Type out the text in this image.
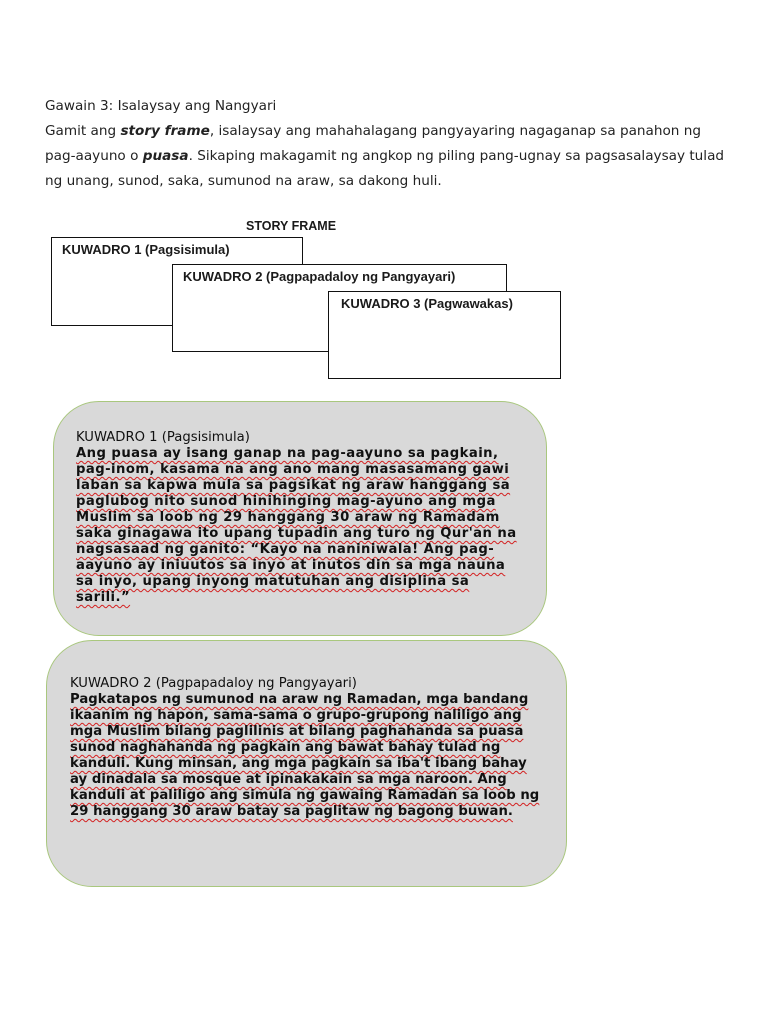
Gawain 3: Isalaysay ang Nangyari

Gamit ang story frame, isalaysay ang mahahalagang pangyayaring nagaganap sa panahon ng pag-aayuno o puasa. Sikaping makagamit ng angkop ng piling pang-ugnay sa pagsasalaysay tulad ng unang, sunod, saka, sumunod na araw, sa dakong huli.

STORY FRAME
KUWADRO 1 (Pagsisimula)
KUWADRO 2 (Pagpapadaloy ng Pangyayari)
KUWADRO 3 (Pagwawakas)
KUWADRO 1 (Pagsisimula)
Ang puasa ay isang ganap na pag-aayuno sa pagkain, pag-inom, kasama na ang ano mang masasamang gawi laban sa kapwa mula sa pagsikat ng araw hanggang sa paglubog nito sunod hinihinging mag-ayuno ang mga Muslim sa loob ng 29 hanggang 30 araw ng Ramadam saka ginagawa ito upang tupadin ang turo ng Qur'an na nagsasaad ng ganito: “Kayo na naniniwala! Ang pag-aayuno ay iniuutos sa inyo at inutos din sa mga nauna sa inyo, upang inyong matutuhan ang disiplina sa sarili.”
KUWADRO 2 (Pagpapadaloy ng Pangyayari)
Pagkatapos ng sumunod na araw ng Ramadan, mga bandang ikaanim ng hapon, sama-sama o grupo-grupong naliligo ang mga Muslim bilang paglilinis at bilang paghahanda sa puasa sunod naghahanda ng pagkain ang bawat bahay tulad ng kanduli. Kung minsan, ang mga pagkain sa iba't ibang bahay ay dinadala sa mosque at ipinakakain sa mga naroon. Ang kanduli at paliligo ang simula ng gawaing Ramadan sa loob ng 29 hanggang 30 araw batay sa paglitaw ng bagong buwan.
